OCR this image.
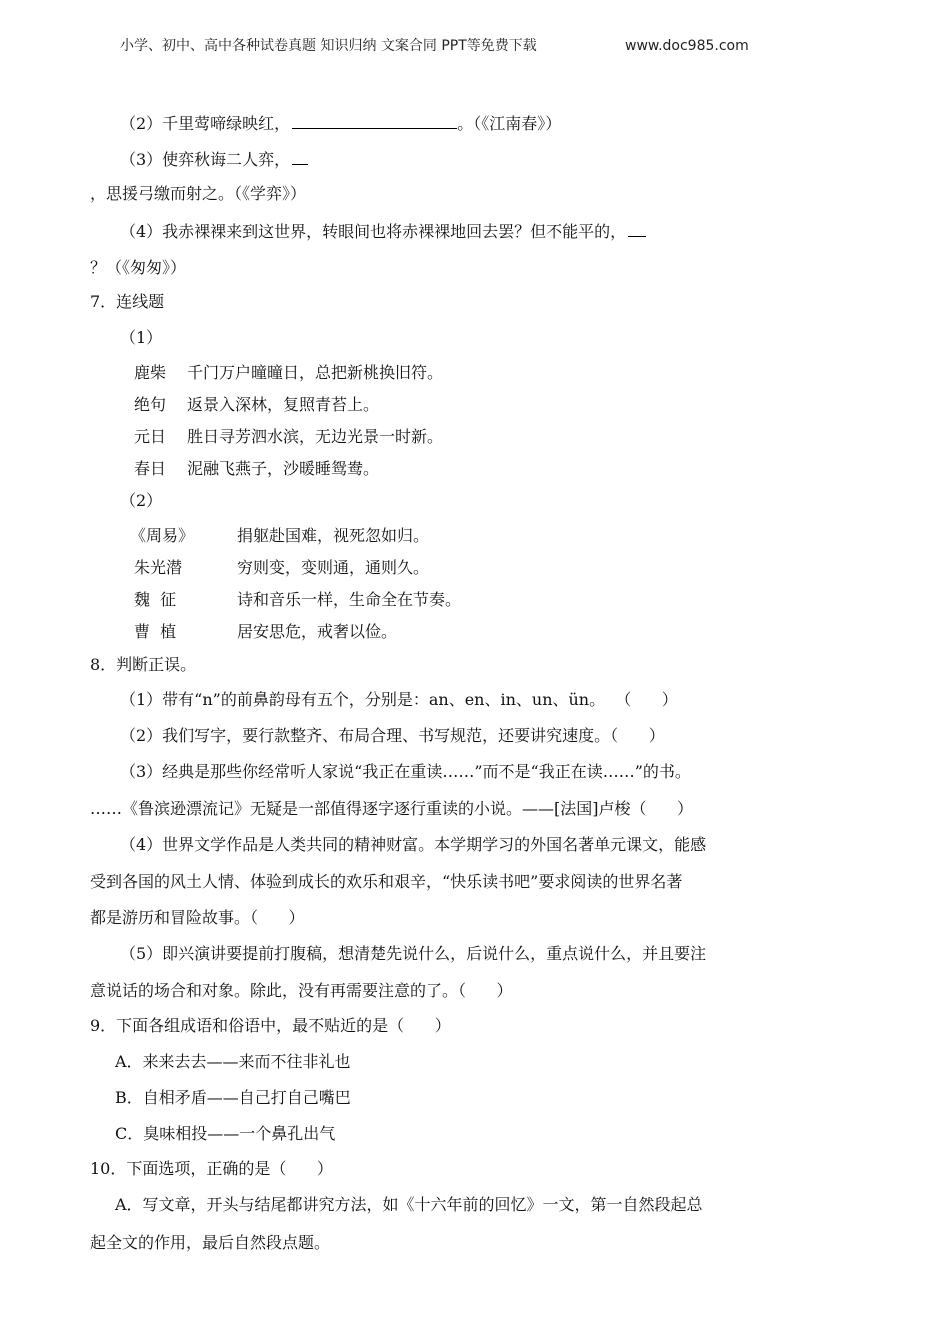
小学、初中、高中各种试卷真题 知识归纳 文案合同 PPT等免费下载	www.doc985.com
（2）千里莺啼绿映红，	。（《江南春》）
（3）使弈秋诲二人弈，
，思援弓缴而射之。（《学弈》）
（4）我赤裸裸来到这世界，转眼间也将赤裸裸地回去罢？但不能平的，
？（《匆匆》）
7．连线题
（1）
鹿柴 千门万户曈曈日，总把新桃换旧符。
绝句 返景入深林，复照青苔上。
元日 胜日寻芳泗水滨，无边光景一时新。
春日 泥融飞燕子，沙暖睡鸳鸯。
（2）
《周易》	捐躯赴国难，视死忽如归。
朱光潜	穷则变，变则通，通则久。
魏  征	诗和音乐一样，生命全在节奏。
曹  植	居安思危，戒奢以俭。
8．判断正误。
（1）带有“n”的前鼻韵母有五个，分别是：an、en、in、un、ün。  （      ）
（2）我们写字，要行款整齐、布局合理、书写规范，还要讲究速度。（      ）
（3）经典是那些你经常听人家说“我正在重读……”而不是“我正在读……”的书。
……《鲁滨逊漂流记》无疑是一部值得逐字逐行重读的小说。——[法国]卢梭（      ）
（4）世界文学作品是人类共同的精神财富。本学期学习的外国名著单元课文，能感
受到各国的风土人情、体验到成长的欢乐和艰辛，“快乐读书吧”要求阅读的世界名著
都是游历和冒险故事。（      ）
（5）即兴演讲要提前打腹稿，想清楚先说什么，后说什么，重点说什么，并且要注
意说话的场合和对象。除此，没有再需要注意的了。（      ）
9．下面各组成语和俗语中，最不贴近的是（      ）
A．来来去去——来而不往非礼也
B．自相矛盾——自己打自己嘴巴
C．臭味相投——一个鼻孔出气
10．下面选项，正确的是（      ）
A．写文章，开头与结尾都讲究方法，如《十六年前的回忆》一文，第一自然段起总
起全文的作用，最后自然段点题。
